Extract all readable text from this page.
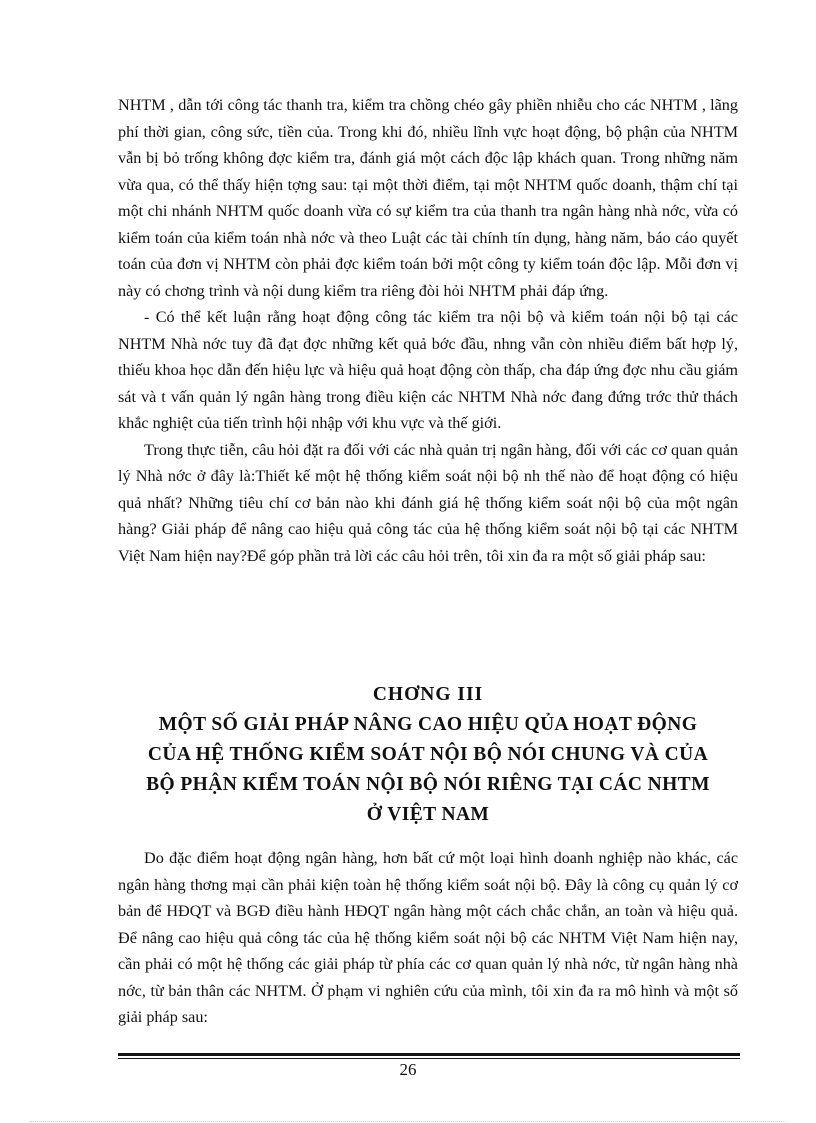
NHTM , dẫn tới công tác thanh tra, kiểm tra chồng chéo gây phiền nhiễu cho các NHTM , lãng phí thời gian, công sức, tiền của. Trong khi đó, nhiều lĩnh vực hoạt động, bộ phận của NHTM vẫn bị bỏ trống không đợc kiểm tra, đánh giá một cách độc lập khách quan. Trong những năm vừa qua, có thể thấy hiện tợng sau: tại một thời điểm, tại một NHTM quốc doanh, thậm chí tại một chi nhánh NHTM quốc doanh vừa có sự kiểm tra của thanh tra ngân hàng nhà nớc, vừa có kiểm toán của kiểm toán nhà nớc và theo Luật các tài chính tín dụng, hàng năm, báo cáo quyết toán của đơn vị NHTM còn phải đợc kiểm toán bởi một công ty kiểm toán độc lập. Mỗi đơn vị này có chơng trình và nội dung kiểm tra riêng đòi hỏi NHTM phải đáp ứng.

- Có thể kết luận rằng hoạt động công tác kiểm tra nội bộ và kiểm toán nội bộ tại các NHTM Nhà nớc tuy đã đạt đợc những kết quả bớc đầu, nhng vẫn còn nhiều điểm bất hợp lý, thiếu khoa học dẫn đến hiệu lực và hiệu quả hoạt động còn thấp, cha đáp ứng đợc nhu cầu giám sát và t vấn quản lý ngân hàng trong điều kiện các NHTM Nhà nớc đang đứng trớc thử thách khắc nghiệt của tiến trình hội nhập với khu vực và thế giới.

Trong thực tiễn, câu hỏi đặt ra đối với các nhà quản trị ngân hàng, đối với các cơ quan quản lý Nhà nớc ở đây là:Thiết kế một hệ thống kiểm soát nội bộ nh thế nào để hoạt động có hiệu quả nhất? Những tiêu chí cơ bản nào khi đánh giá hệ thống kiểm soát nội bộ của một ngân hàng? Giải pháp để nâng cao hiệu quả công tác của hệ thống kiểm soát nội bộ tại các NHTM Việt Nam hiện nay?Để góp phần trả lời các câu hỏi trên, tôi xin đa ra một số giải pháp sau:

CHƠNG III
MỘT SỐ GIẢI PHÁP NÂNG CAO HIỆU QỦA HOẠT ĐỘNG
CỦA HỆ THỐNG KIỂM SOÁT NỘI BỘ NÓI CHUNG VÀ CỦA
BỘ PHẬN KIỂM TOÁN NỘI BỘ NÓI RIÊNG TẠI CÁC NHTM
Ở VIỆT NAM

Do đặc điểm hoạt động ngân hàng, hơn bất cứ một loại hình doanh nghiệp nào khác, các ngân hàng thơng mại cần phải kiện toàn hệ thống kiểm soát nội bộ. Đây là công cụ quản lý cơ bản để HĐQT và BGĐ điều hành HĐQT ngân hàng một cách chắc chắn, an toàn và hiệu quả. Để nâng cao hiệu quả công tác của hệ thống kiểm soát nội bộ các NHTM Việt Nam hiện nay, cần phải có một hệ thống các giải pháp từ phía các cơ quan quản lý nhà nớc, từ ngân hàng nhà nớc, từ bản thân các NHTM. Ở phạm vi nghiên cứu của mình, tôi xin đa ra mô hình và một số giải pháp sau:

26
